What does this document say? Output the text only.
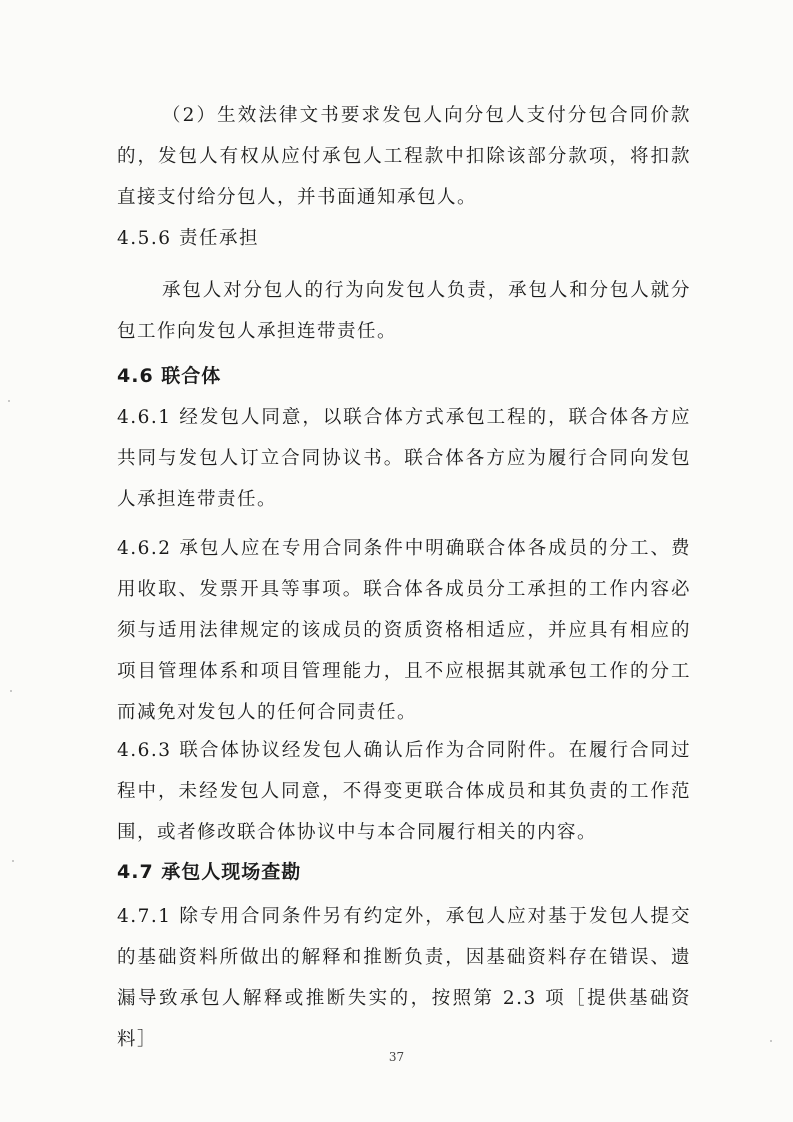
（2）生效法律文书要求发包人向分包人支付分包合同价款的，发包人有权从应付承包人工程款中扣除该部分款项，将扣款直接支付给分包人，并书面通知承包人。

4.5.6 责任承担

承包人对分包人的行为向发包人负责，承包人和分包人就分包工作向发包人承担连带责任。

4.6 联合体

4.6.1 经发包人同意，以联合体方式承包工程的，联合体各方应共同与发包人订立合同协议书。联合体各方应为履行合同向发包人承担连带责任。

4.6.2 承包人应在专用合同条件中明确联合体各成员的分工、费用收取、发票开具等事项。联合体各成员分工承担的工作内容必须与适用法律规定的该成员的资质资格相适应，并应具有相应的项目管理体系和项目管理能力，且不应根据其就承包工作的分工而减免对发包人的任何合同责任。

4.6.3 联合体协议经发包人确认后作为合同附件。在履行合同过程中，未经发包人同意，不得变更联合体成员和其负责的工作范围，或者修改联合体协议中与本合同履行相关的内容。

4.7 承包人现场查勘

4.7.1 除专用合同条件另有约定外，承包人应对基于发包人提交的基础资料所做出的解释和推断负责，因基础资料存在错误、遗漏导致承包人解释或推断失实的，按照第 2.3 项［提供基础资料］

37
